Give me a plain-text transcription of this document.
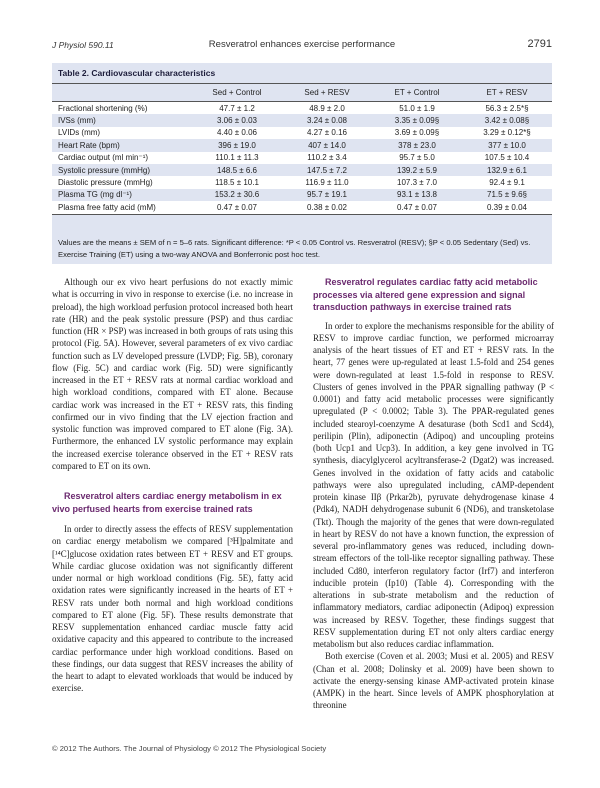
J Physiol 590.11	Resveratrol enhances exercise performance	2791
Table 2. Cardiovascular characteristics
	Sed + Control	Sed + RESV	ET + Control	ET + RESV
Fractional shortening (%)	47.7 ± 1.2	48.9 ± 2.0	51.0 ± 1.9	56.3 ± 2.5*§
IVSs (mm)	3.06 ± 0.03	3.24 ± 0.08	3.35 ± 0.09§	3.42 ± 0.08§
LVIDs (mm)	4.40 ± 0.06	4.27 ± 0.16	3.69 ± 0.09§	3.29 ± 0.12*§
Heart Rate (bpm)	396 ± 19.0	407 ± 14.0	378 ± 23.0	377 ± 10.0
Cardiac output (ml min⁻¹)	110.1 ± 11.3	110.2 ± 3.4	95.7 ± 5.0	107.5 ± 10.4
Systolic pressure (mmHg)	148.5 ± 6.6	147.5 ± 7.2	139.2 ± 5.9	132.9 ± 6.1
Diastolic pressure (mmHg)	118.5 ± 10.1	116.9 ± 11.0	107.3 ± 7.0	92.4 ± 9.1
Plasma TG (mg dl⁻¹)	153.2 ± 30.6	95.7 ± 19.1	93.1 ± 13.8	71.5 ± 9.6§
Plasma free fatty acid (mM)	0.47 ± 0.07	0.38 ± 0.02	0.47 ± 0.07	0.39 ± 0.04
Values are the means ± SEM of n = 5–6 rats. Significant difference: *P < 0.05 Control vs. Resveratrol (RESV); §P < 0.05 Sedentary (Sed) vs. Exercise Training (ET) using a two-way ANOVA and Bonferronic post hoc test.

Although our ex vivo heart perfusions do not exactly mimic what is occurring in vivo in response to exercise (i.e. no increase in preload), the high workload perfusion protocol increased both heart rate (HR) and the peak systolic pressure (PSP) and thus cardiac function (HR × PSP) was increased in both groups of rats using this protocol (Fig. 5A). However, several parameters of ex vivo cardiac function such as LV developed pressure (LVDP; Fig. 5B), coronary flow (Fig. 5C) and cardiac work (Fig. 5D) were significantly increased in the ET + RESV rats at normal cardiac workload and high workload conditions, compared with ET alone. Because cardiac work was increased in the ET + RESV rats, this finding confirmed our in vivo finding that the LV ejection fraction and systolic function was improved compared to ET alone (Fig. 3A). Furthermore, the enhanced LV systolic performance may explain the increased exercise tolerance observed in the ET + RESV rats compared to ET on its own.

Resveratrol alters cardiac energy metabolism in ex vivo perfused hearts from exercise trained rats

In order to directly assess the effects of RESV supplementation on cardiac energy metabolism we compared [³H]palmitate and [¹⁴C]glucose oxidation rates between ET + RESV and ET groups. While cardiac glucose oxidation was not significantly different under normal or high workload conditions (Fig. 5E), fatty acid oxidation rates were significantly increased in the hearts of ET + RESV rats under both normal and high workload conditions compared to ET alone (Fig. 5F). These results demonstrate that RESV supplementation enhanced cardiac muscle fatty acid oxidative capacity and this appeared to contribute to the increased cardiac performance under high workload conditions. Based on these findings, our data suggest that RESV increases the ability of the heart to adapt to elevated workloads that would be induced by exercise.

Resveratrol regulates cardiac fatty acid metabolic processes via altered gene expression and signal transduction pathways in exercise trained rats

In order to explore the mechanisms responsible for the ability of RESV to improve cardiac function, we performed microarray analysis of the heart tissues of ET and ET + RESV rats. In the heart, 77 genes were up-regulated at least 1.5-fold and 254 genes were down-regulated at least 1.5-fold in response to RESV. Clusters of genes involved in the PPAR signalling pathway (P < 0.0001) and fatty acid metabolic processes were significantly upregulated (P < 0.0002; Table 3). The PPAR-regulated genes included stearoyl-coenzyme A desaturase (both Scd1 and Scd4), perilipin (Plin), adiponectin (Adipoq) and uncoupling proteins (both Ucp1 and Ucp3). In addition, a key gene involved in TG synthesis, diacylglycerol acyltransferase-2 (Dgat2) was increased. Genes involved in the oxidation of fatty acids and catabolic pathways were also upregulated including, cAMP-dependent protein kinase IIβ (Prkar2b), pyruvate dehydrogenase kinase 4 (Pdk4), NADH dehydrogenase subunit 6 (ND6), and transketolase (Tkt). Though the majority of the genes that were down-regulated in heart by RESV do not have a known function, the expression of several pro-inflammatory genes was reduced, including down-stream effectors of the toll-like receptor signalling pathway. These included Cd80, interferon regulatory factor (Irf7) and interferon inducible protein (Ip10) (Table 4). Corresponding with the alterations in sub-strate metabolism and the reduction of inflammatory mediators, cardiac adiponectin (Adipoq) expression was increased by RESV. Together, these findings suggest that RESV supplementation during ET not only alters cardiac energy metabolism but also reduces cardiac inflammation.

Both exercise (Coven et al. 2003; Musi et al. 2005) and RESV (Chan et al. 2008; Dolinsky et al. 2009) have been shown to activate the energy-sensing kinase AMP-activated protein kinase (AMPK) in the heart. Since levels of AMPK phosphorylation at threonine

© 2012 The Authors. The Journal of Physiology © 2012 The Physiological Society
